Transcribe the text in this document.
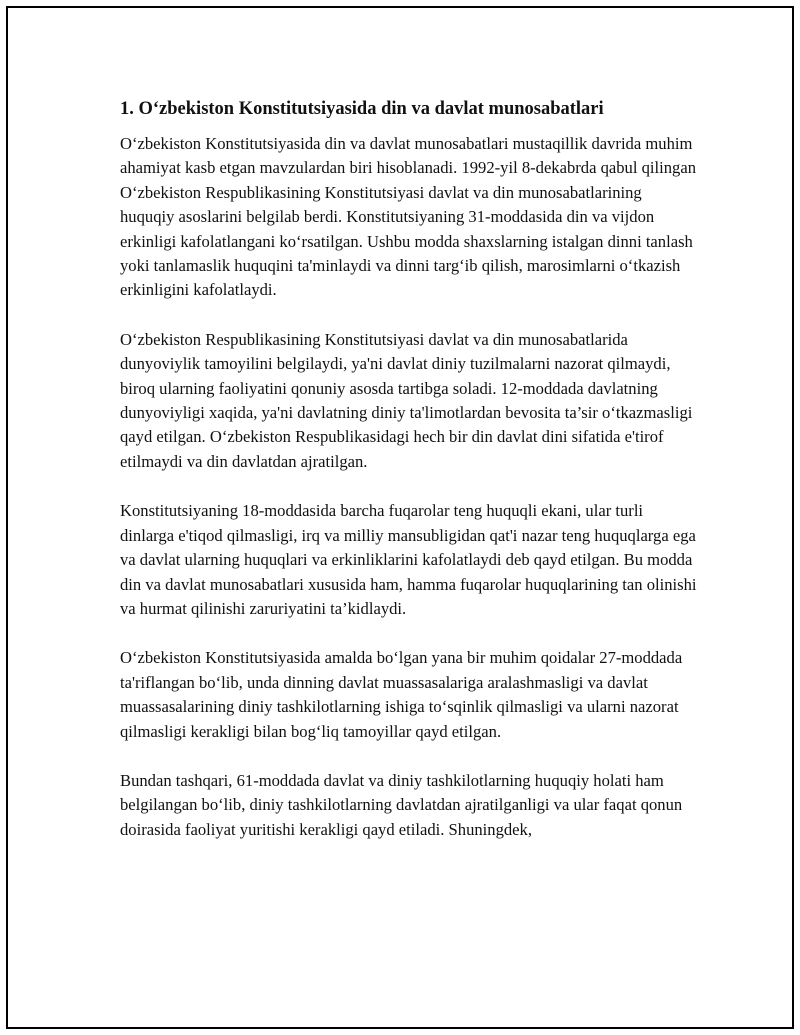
1. O‘zbekiston Konstitutsiyasida din va davlat munosabatlari

O‘zbekiston Konstitutsiyasida din va davlat munosabatlari mustaqillik davrida muhim ahamiyat kasb etgan mavzulardan biri hisoblanadi. 1992-yil 8-dekabrda qabul qilingan O‘zbekiston Respublikasining Konstitutsiyasi davlat va din munosabatlarining huquqiy asoslarini belgilab berdi. Konstitutsiyaning 31-moddasida din va vijdon erkinligi kafolatlangani ko‘rsatilgan. Ushbu modda shaxslarning istalgan dinni tanlash yoki tanlamaslik huquqini ta'minlaydi va dinni targ‘ib qilish, marosimlarni o‘tkazish erkinligini kafolatlaydi.

O‘zbekiston Respublikasining Konstitutsiyasi davlat va din munosabatlarida dunyoviylik tamoyilini belgilaydi, ya'ni davlat diniy tuzilmalarni nazorat qilmaydi, biroq ularning faoliyatini qonuniy asosda tartibga soladi. 12-moddada davlatning dunyoviyligi xaqida, ya'ni davlatning diniy ta'limotlardan bevosita ta’sir o‘tkazmasligi qayd etilgan. O‘zbekiston Respublikasidagi hech bir din davlat dini sifatida e'tirof etilmaydi va din davlatdan ajratilgan.

Konstitutsiyaning 18-moddasida barcha fuqarolar teng huquqli ekani, ular turli dinlarga e'tiqod qilmasligi, irq va milliy mansubligidan qat'i nazar teng huquqlarga ega va davlat ularning huquqlari va erkinliklarini kafolatlaydi deb qayd etilgan. Bu modda din va davlat munosabatlari xususida ham, hamma fuqarolar huquqlarining tan olinishi va hurmat qilinishi zaruriyatini ta’kidlaydi.

O‘zbekiston Konstitutsiyasida amalda bo‘lgan yana bir muhim qoidalar 27-moddada ta'riflangan bo‘lib, unda dinning davlat muassasalariga aralashmasligi va davlat muassasalarining diniy tashkilotlarning ishiga to‘sqinlik qilmasligi va ularni nazorat qilmasligi kerakligi bilan bog‘liq tamoyillar qayd etilgan.

Bundan tashqari, 61-moddada davlat va diniy tashkilotlarning huquqiy holati ham belgilangan bo‘lib, diniy tashkilotlarning davlatdan ajratilganligi va ular faqat qonun doirasida faoliyat yuritishi kerakligi qayd etiladi. Shuningdek,
